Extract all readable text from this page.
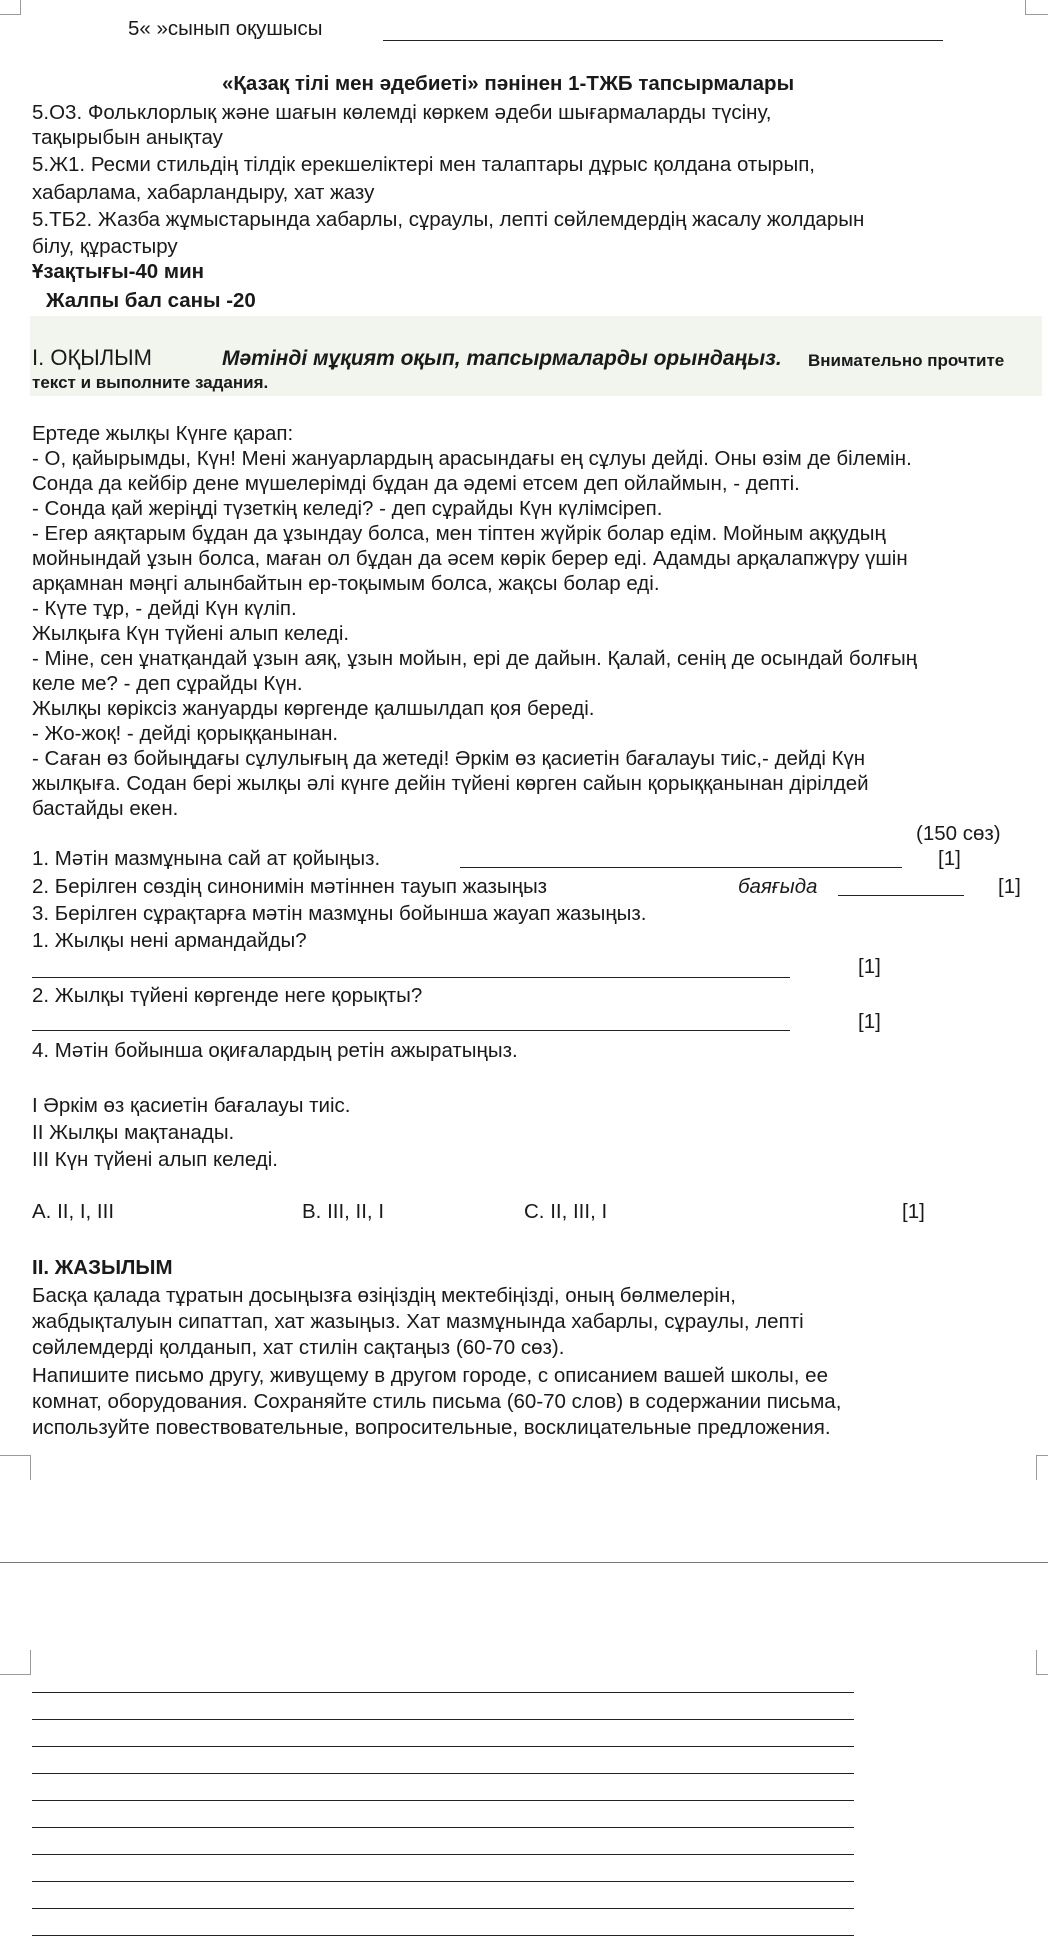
5« »сынып оқушысы
«Қазақ тілі мен әдебиеті» пәнінен 1-ТЖБ тапсырмалары
5.О3. Фольклорлық және шағын көлемді көркем әдеби шығармаларды түсіну,
тақырыбын анықтау
5.Ж1. Ресми стильдің тілдік ерекшеліктері мен талаптары дұрыс қолдана отырып,
хабарлама, хабарландыру, хат жазу
5.ТБ2. Жазба жұмыстарында хабарлы, сұраулы, лепті сөйлемдердің жасалу жолдарын
білу, құрастыру
Ұзақтығы-40 мин
Жалпы бал саны -20
I. ОҚЫЛЫМ	Мәтінді мұқият оқып, тапсырмаларды орындаңыз. Внимательно прочтите
текст и выполните задания.
Ертеде жылқы Күнге қарап:
- О, қайырымды, Күн! Мені жануарлардың арасындағы ең сұлуы дейді. Оны өзім де білемін.
Сонда да кейбір дене мүшелерімді бұдан да әдемі етсем деп ойлаймын, - депті.
- Сонда қай жеріңді түзеткің келеді? - деп сұрайды Күн күлімсіреп.
- Егер аяқтарым бұдан да ұзындау болса, мен тіптен жүйрік болар едім. Мойным аққудың
мойнындай ұзын болса, маған ол бұдан да әсем көрік берер еді. Адамды арқалапжүру үшін
арқамнан мәңгі алынбайтын ер-тоқымым болса, жақсы болар еді.
- Күте тұр, - дейді Күн күліп.
Жылқыға Күн түйені алып келеді.
- Міне, сен ұнатқандай ұзын аяқ, ұзын мойын, ері де дайын. Қалай, сенің де осындай болғың
келе ме? - деп сұрайды Күн.
Жылқы көріксіз жануарды көргенде қалшылдап қоя береді.
- Жо-жоқ! - дейді қорыққанынан.
- Саған өз бойыңдағы сұлулығың да жетеді! Әркім өз қасиетін бағалауы тиіс,- дейді Күн
жылқыға. Содан бері жылқы әлі күнге дейін түйені көрген сайын қорыққанынан дірілдей
бастайды екен.
(150 сөз)
1. Мәтін мазмұнына сай ат қойыңыз.	[1]
2. Берілген сөздің синонимін мәтіннен тауып жазыңыз	баяғыда	[1]
3. Берілген сұрақтарға мәтін мазмұны бойынша жауап жазыңыз.
1. Жылқы нені армандайды?
[1]
2. Жылқы түйені көргенде неге қорықты?
[1]
4. Мәтін бойынша оқиғалардың ретін ажыратыңыз.
I Әркім өз қасиетін бағалауы тиіс.
II Жылқы мақтанады.
III Күн түйені алып келеді.
A. II, I, III	B. III, II, I	C. II, III, I	[1]
II. ЖАЗЫЛЫМ
Басқа қалада тұратын досыңызға өзіңіздің мектебіңізді, оның бөлмелерін,
жабдықталуын сипаттап, хат жазыңыз. Хат мазмұнында хабарлы, сұраулы, лепті
сөйлемдерді қолданып, хат стилін сақтаңыз (60-70 сөз).
Напишите письмо другу, живущему в другом городе, с описанием вашей школы, ее
комнат, оборудования. Сохраняйте стиль письма (60-70 слов) в содержании письма,
используйте повествовательные, вопросительные, восклицательные предложения.
